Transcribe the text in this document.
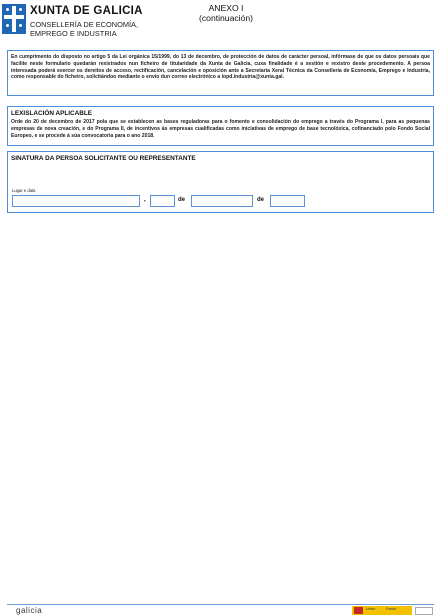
XUNTA DE GALICIA
CONSELLERÍA DE ECONOMÍA,
EMPREGO E INDUSTRIA
ANEXO I
(continuación)

En cumprimento do disposto no artigo 5 da Lei orgánica 15/1999, do 13 de decembro, de protección de datos de carácter persoal, infórmase de que os datos persoais que facilite neste formulario quedarán rexistrados nun ficheiro de titularidade da Xunta de Galicia, cuxa finalidade é a xestión e rexistro deste procedemento. A persoa interesada poderá exercer os dereitos de acceso, rectificación, cancelación e oposición ante a Secretaría Xeral Técnica da Consellería de Economía, Emprego e Industria, como responsable do ficheiro, solicitándoo mediante o envío dun correo electrónico a lopd.industria@xunta.gal.

LEXISLACIÓN APLICABLE

Orde do 20 de decembro de 2017 pola que se establecen as bases reguladoras para o fomento e consolidación do emprego a través do Programa I, para as pequenas empresas de nova creación, e do Programa II, de incentivos ás empresas cualificadas como iniciativas de emprego de base tecnolóxica, cofinanciado polo Fondo Social Europeo, e se procede á súa convocatoria para o ano 2018.

SINATURA DA PERSOA SOLICITANTE OU REPRESENTANTE
Lugar e data
,	de	de
galicia	Unión	Fondo
